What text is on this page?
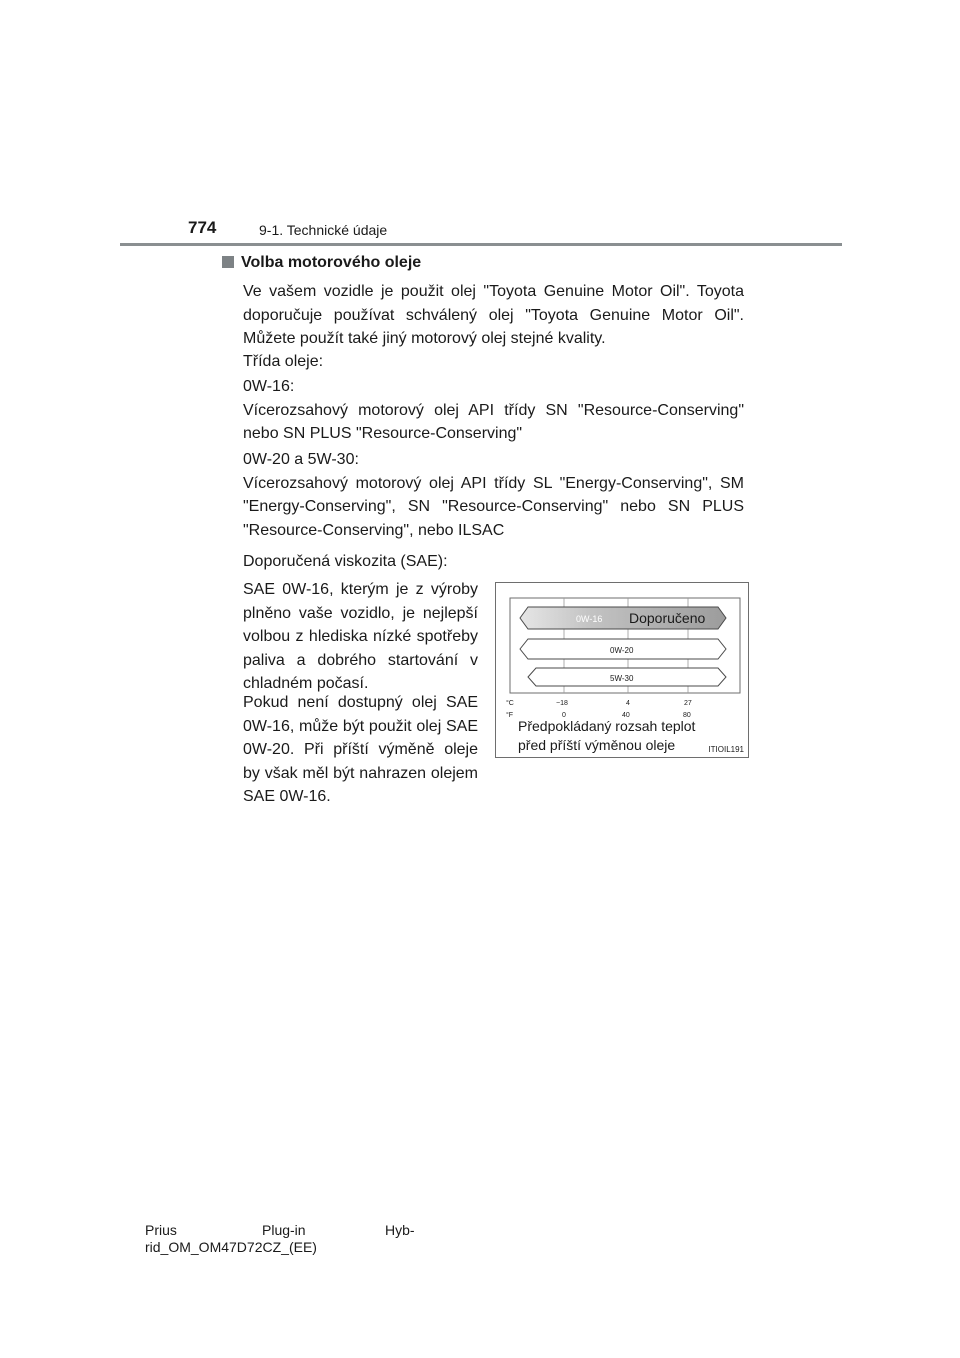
774	9-1. Technické údaje
Volba motorového oleje

Ve vašem vozidle je použit olej "Toyota Genuine Motor Oil". Toyota doporučuje používat schválený olej "Toyota Genuine Motor Oil". Můžete použít také jiný motorový olej stejné kvality.

Třída oleje:

0W-16:
Vícerozsahový motorový olej API třídy SN "Resource-Conserving" nebo SN PLUS "Resource-Conserving"

0W-20 a 5W-30:
Vícerozsahový motorový olej API třídy SL "Energy-Conserving", SM "Energy-Conserving", SN "Resource-Conserving" nebo SN PLUS "Resource-Conserving", nebo ILSAC

Doporučená viskozita (SAE):

SAE 0W-16, kterým je z výroby plněno vaše vozidlo, je nejlepší volbou z hlediska nízké spotřeby paliva a dobrého startování v chladném počasí.

Pokud není dostupný olej SAE 0W-16, může být použit olej SAE 0W-20. Při příští výměně oleje by však měl být nahrazen olejem SAE 0W-16.

0W-16 Doporučeno
0W-20
5W-30
°C
°F
−18	4	27
0	40	80
Předpokládaný rozsah teplot
před příští výměnou oleje	ITIOIL191
Prius	Plug-in	Hyb-
rid_OM_OM47D72CZ_(EE)
